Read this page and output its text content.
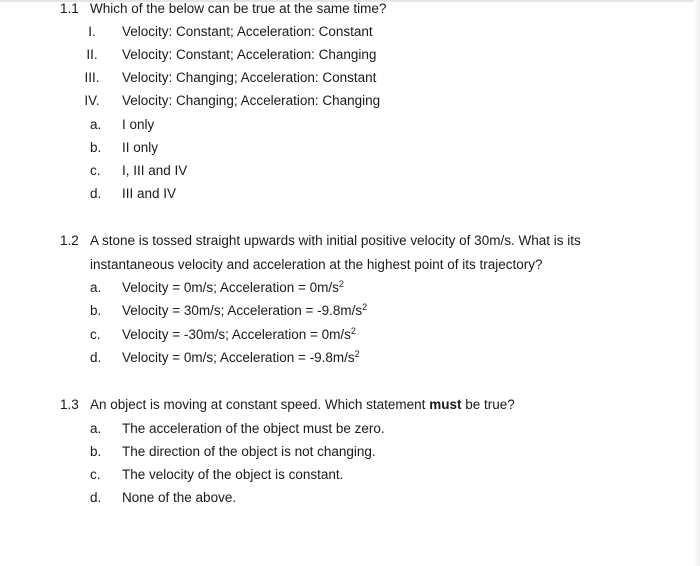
1.1 Which of the below can be true at the same time?
I.	Velocity: Constant; Acceleration: Constant
II.	Velocity: Constant; Acceleration: Changing
III.	Velocity: Changing; Acceleration: Constant
IV.	Velocity: Changing; Acceleration: Changing
a. I only
b. II only
c. I, III and IV
d. III and IV
1.2 A stone is tossed straight upwards with initial positive velocity of 30m/s. What is its
instantaneous velocity and acceleration at the highest point of its trajectory?
a. Velocity = 0m/s; Acceleration = $0m/s^2$
b. Velocity = 30m/s; Acceleration = $-9.8m/s^2$
c. Velocity = -30m/s; Acceleration = $0m/s^2$
d. Velocity = 0m/s; Acceleration = $-9.8m/s^2$
1.3 An object is moving at constant speed. Which statement must be true?
a. The acceleration of the object must be zero.
b. The direction of the object is not changing.
c. The velocity of the object is constant.
d. None of the above.
